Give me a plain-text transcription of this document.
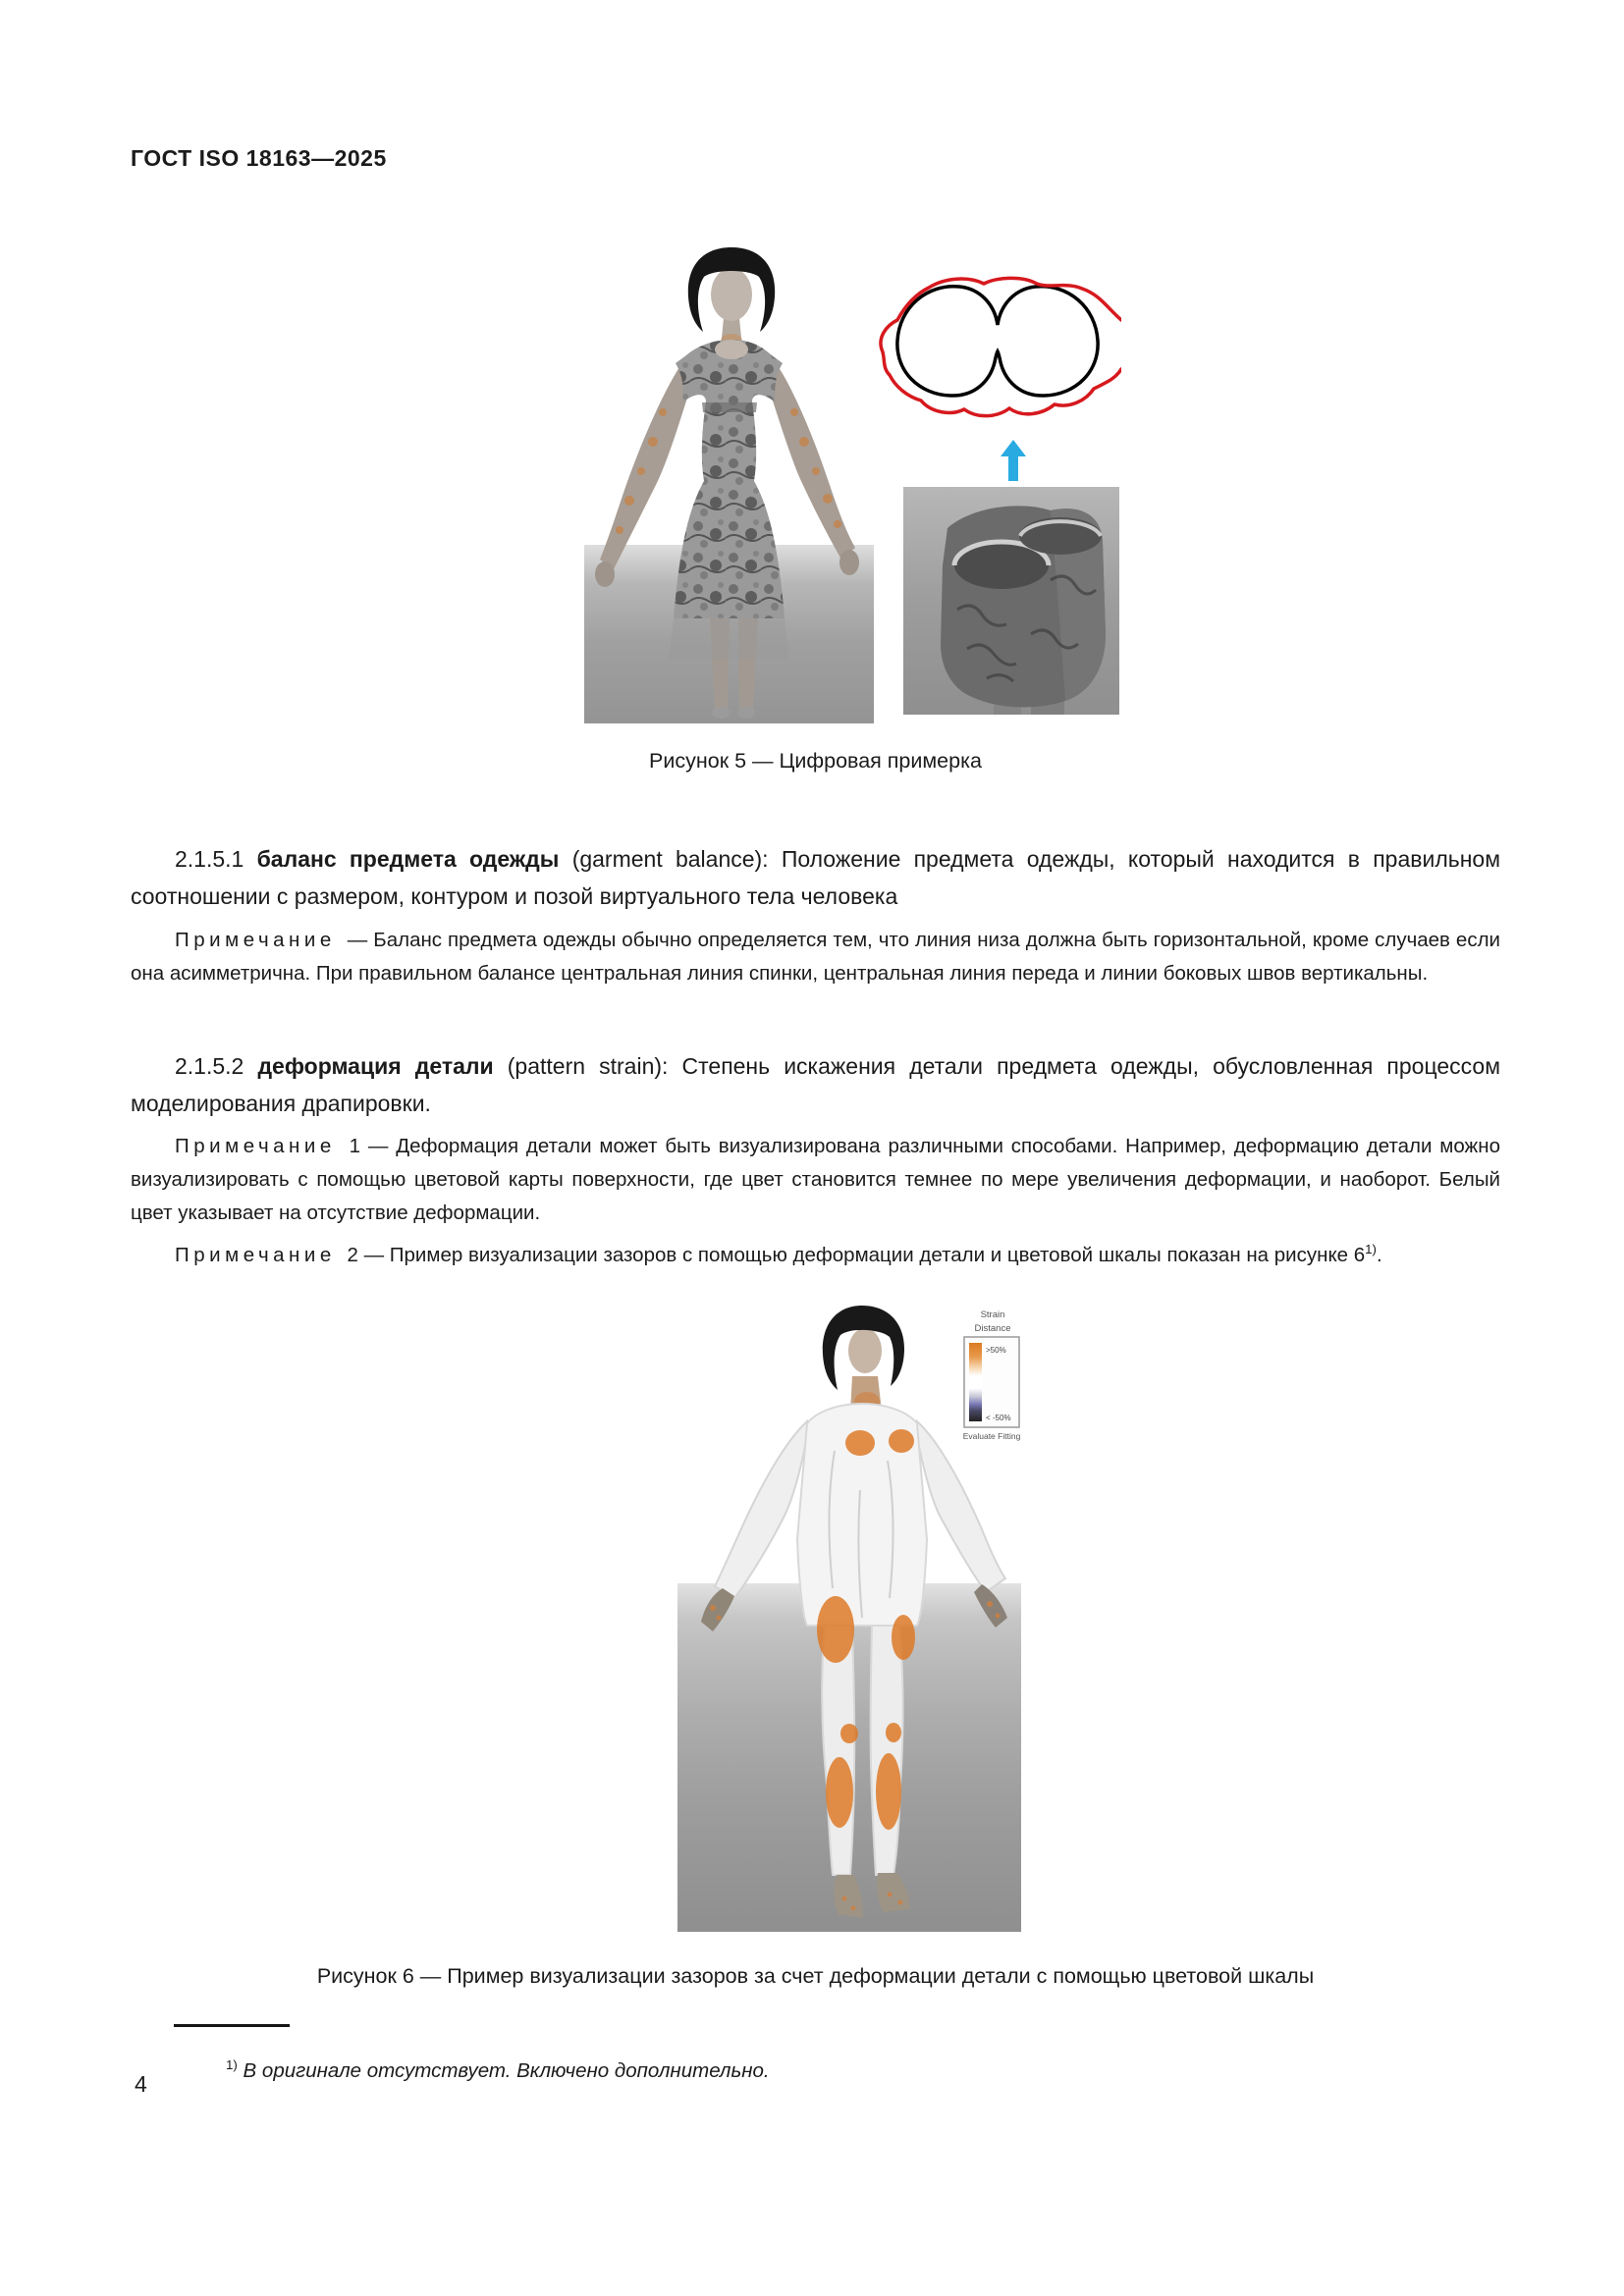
ГОСТ ISO 18163—2025
Рисунок 5 — Цифровая примерка

2.1.5.1 баланс предмета одежды (garment balance): Положение предмета одежды, который находится в правильном соотношении с размером, контуром и позой виртуального тела человека

Примечание — Баланс предмета одежды обычно определяется тем, что линия низа должна быть горизонтальной, кроме случаев если она асимметрична. При правильном балансе центральная линия спинки, центральная линия переда и линии боковых швов вертикальны.

2.1.5.2 деформация детали (pattern strain): Степень искажения детали предмета одежды, обусловленная процессом моделирования драпировки.

Примечание 1 — Деформация детали может быть визуализирована различными способами. Например, деформацию детали можно визуализировать с помощью цветовой карты поверхности, где цвет становится темнее по мере увеличения деформации, и наоборот. Белый цвет указывает на отсутствие деформации.

Примечание 2 — Пример визуализации зазоров с помощью деформации детали и цветовой шкалы показан на рисунке 6$^{1)}$.

Strain
Distance
>50%
< -50%
Evaluate Fitting
Рисунок 6 — Пример визуализации зазоров за счет деформации детали с помощью цветовой шкалы

$^{1)}$ В оригинале отсутствует. Включено дополнительно.

4
